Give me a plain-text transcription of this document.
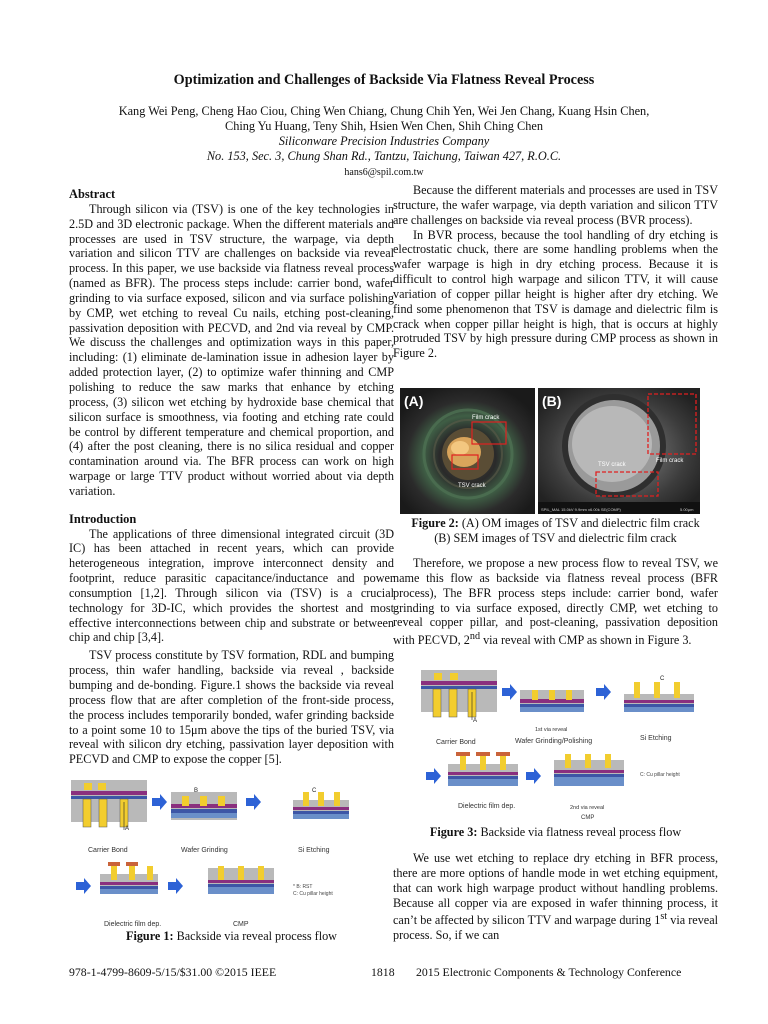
Optimization and Challenges of Backside Via Flatness Reveal Process
Kang Wei Peng, Cheng Hao Ciou, Ching Wen Chiang, Chung Chih Yen, Wei Jen Chang, Kuang Hsin Chen,
Ching Yu Huang, Teny Shih, Hsien Wen Chen, Shih Ching Chen
Siliconware Precision Industries Company
No. 153, Sec. 3, Chung Shan Rd., Tantzu, Taichung, Taiwan 427, R.O.C.
hans6@spil.com.tw
Abstract

Through silicon via (TSV) is one of the key technologies in 2.5D and 3D electronic package. When the different materials and processes are used in TSV structure, the warpage, via depth variation and silicon TTV are challenges on backside via reveal process. In this paper, we use backside via flatness reveal process (named as BFR). The process steps include: carrier bond, wafer grinding to via surface exposed, silicon and via surface polishing by CMP, wet etching to reveal Cu nails, etching post-cleaning, passivation deposition with PECVD, and 2nd via reveal by CMP. We discuss the challenges and optimization ways in this paper, including: (1) eliminate de-lamination issue in adhesion layer by added protection layer, (2) to optimize wafer thinning and CMP polishing to reduce the saw marks that enhance by etching process, (3) silicon wet etching by hydroxide base chemical that silicon surface is smoothness, via footing and etching rate could be control by different temperature and chemical proportion, and (4) after the post cleaning, there is no silica residual and copper contamination around via. The BFR process can work on high warpage or large TTV product without worried about via depth variation.

Introduction

The applications of three dimensional integrated circuit (3D IC) has been attached in recent years, which can provide heterogeneous integration, improve interconnect density and footprint, reduce parasitic capacitance/inductance and power consumption [1,2]. Through silicon via (TSV) is a crucial technology for 3D-IC, which provides the shortest and most effective interconnections between chip and substrate or between chip and chip [3,4].

TSV process constitute by TSV formation, RDL and bumping process, thin wafer handling, backside via reveal , backside bumping and de-bonding. Figure.1 shows the backside via reveal process flow that are after completion of the front-side process, the process includes temporarily bonded, wafer grinding backside to a point some 10 to 15μm above the tips of the buried TSV, via reveal with silicon dry etching, passivation layer deposition with PECVD and CMP to expose the copper [5].

A
Carrier Bond
B
Wafer Grinding
C
Si Etching
Dielectric film dep.	CMP
* B: RST
C: Cu pillar height
Figure 1: Backside via reveal process flow

Because the different materials and processes are used in TSV structure, the wafer warpage, via depth variation and silicon TTV are challenges on backside via reveal process (BVR process).

In BVR process, because the tool handling of dry etching is electrostatic chuck, there are some handling problems when the wafer warpage is high in dry etching process. Because it is difficult to control high warpage and silicon TTV, it will cause variation of copper pillar height is higher after dry etching. We find some phenomenon that TSV is damage and dielectric film is crack when copper pillar height is high, that is occurs at highly protruded TSV by high pressure during CMP process as shown in Figure 2.

(A)
Film crack
TSV crack
(B)
Film crack
TSV crack
SPIL_MAL 15.0kV 9.9mm x6.00k SE(COMP)	5.00μm
Figure 2: (A) OM images of TSV and dielectric film crack
(B) SEM images of TSV and dielectric film crack

Therefore, we propose a new process flow to reveal TSV, we name this flow as backside via flatness reveal process (BFR process), The BFR process steps include: carrier bond, wafer grinding to via surface exposed, directly CMP, wet etching to reveal copper pillar, and post-cleaning, passivation deposition with PECVD, 2nd via reveal with CMP as shown in Figure 3.

A
Carrier Bond
1st via reveal
Wafer Grinding/Polishing
C
Si Etching
Dielectric film dep.	2nd via reveal
CMP
C: Cu pillar height
Figure 3: Backside via flatness reveal process flow

We use wet etching to replace dry etching in BFR process, there are more options of handle mode in wet etching equipment, that can work high warpage product without handling problems. Because all copper via are exposed in wafer thinning process, it can’t be affected by silicon TTV and warpage during 1st via reveal process. So, if we can

978-1-4799-8609-5/15/$31.00 ©2015 IEEE	1818 2015 Electronic Components & Technology Conference
